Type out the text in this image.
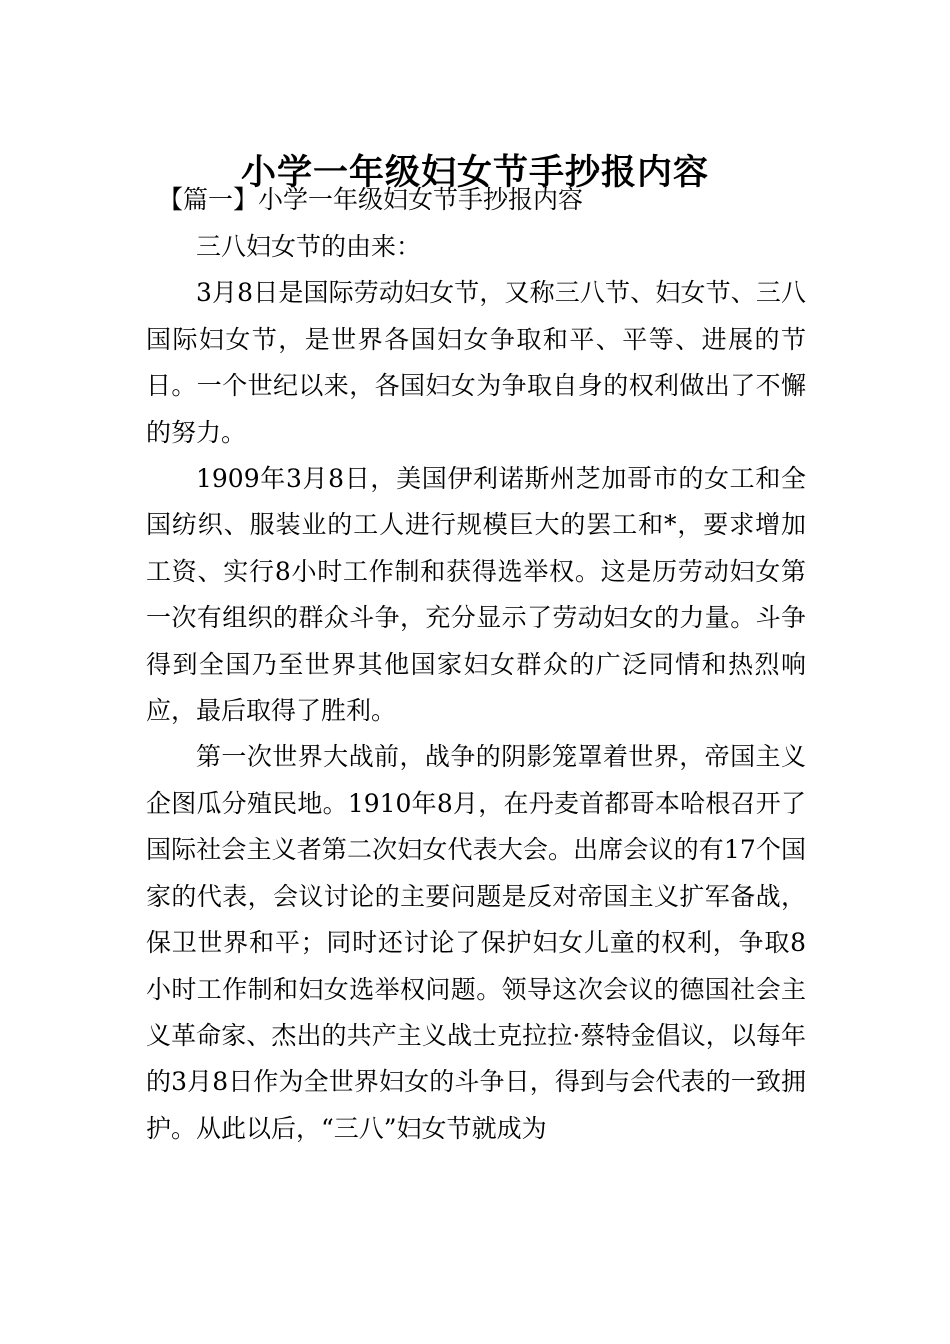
小学一年级妇女节手抄报内容
【篇一】小学一年级妇女节手抄报内容

三八妇女节的由来：

3月8日是国际劳动妇女节，又称三八节、妇女节、三八国际妇女节，是世界各国妇女争取和平、平等、进展的节日。一个世纪以来，各国妇女为争取自身的权利做出了不懈的努力。

1909年3月8日，美国伊利诺斯州芝加哥市的女工和全国纺织、服装业的工人进行规模巨大的罢工和*，要求增加工资、实行8小时工作制和获得选举权。这是历劳动妇女第一次有组织的群众斗争，充分显示了劳动妇女的力量。斗争得到全国乃至世界其他国家妇女群众的广泛同情和热烈响应，最后取得了胜利。

第一次世界大战前，战争的阴影笼罩着世界，帝国主义企图瓜分殖民地。1910年8月，在丹麦首都哥本哈根召开了国际社会主义者第二次妇女代表大会。出席会议的有17个国家的代表，会议讨论的主要问题是反对帝国主义扩军备战，保卫世界和平；同时还讨论了保护妇女儿童的权利，争取8小时工作制和妇女选举权问题。领导这次会议的德国社会主义革命家、杰出的共产主义战士克拉拉·蔡特金倡议，以每年的3月8日作为全世界妇女的斗争日，得到与会代表的一致拥护。从此以后，“三八”妇女节就成为
